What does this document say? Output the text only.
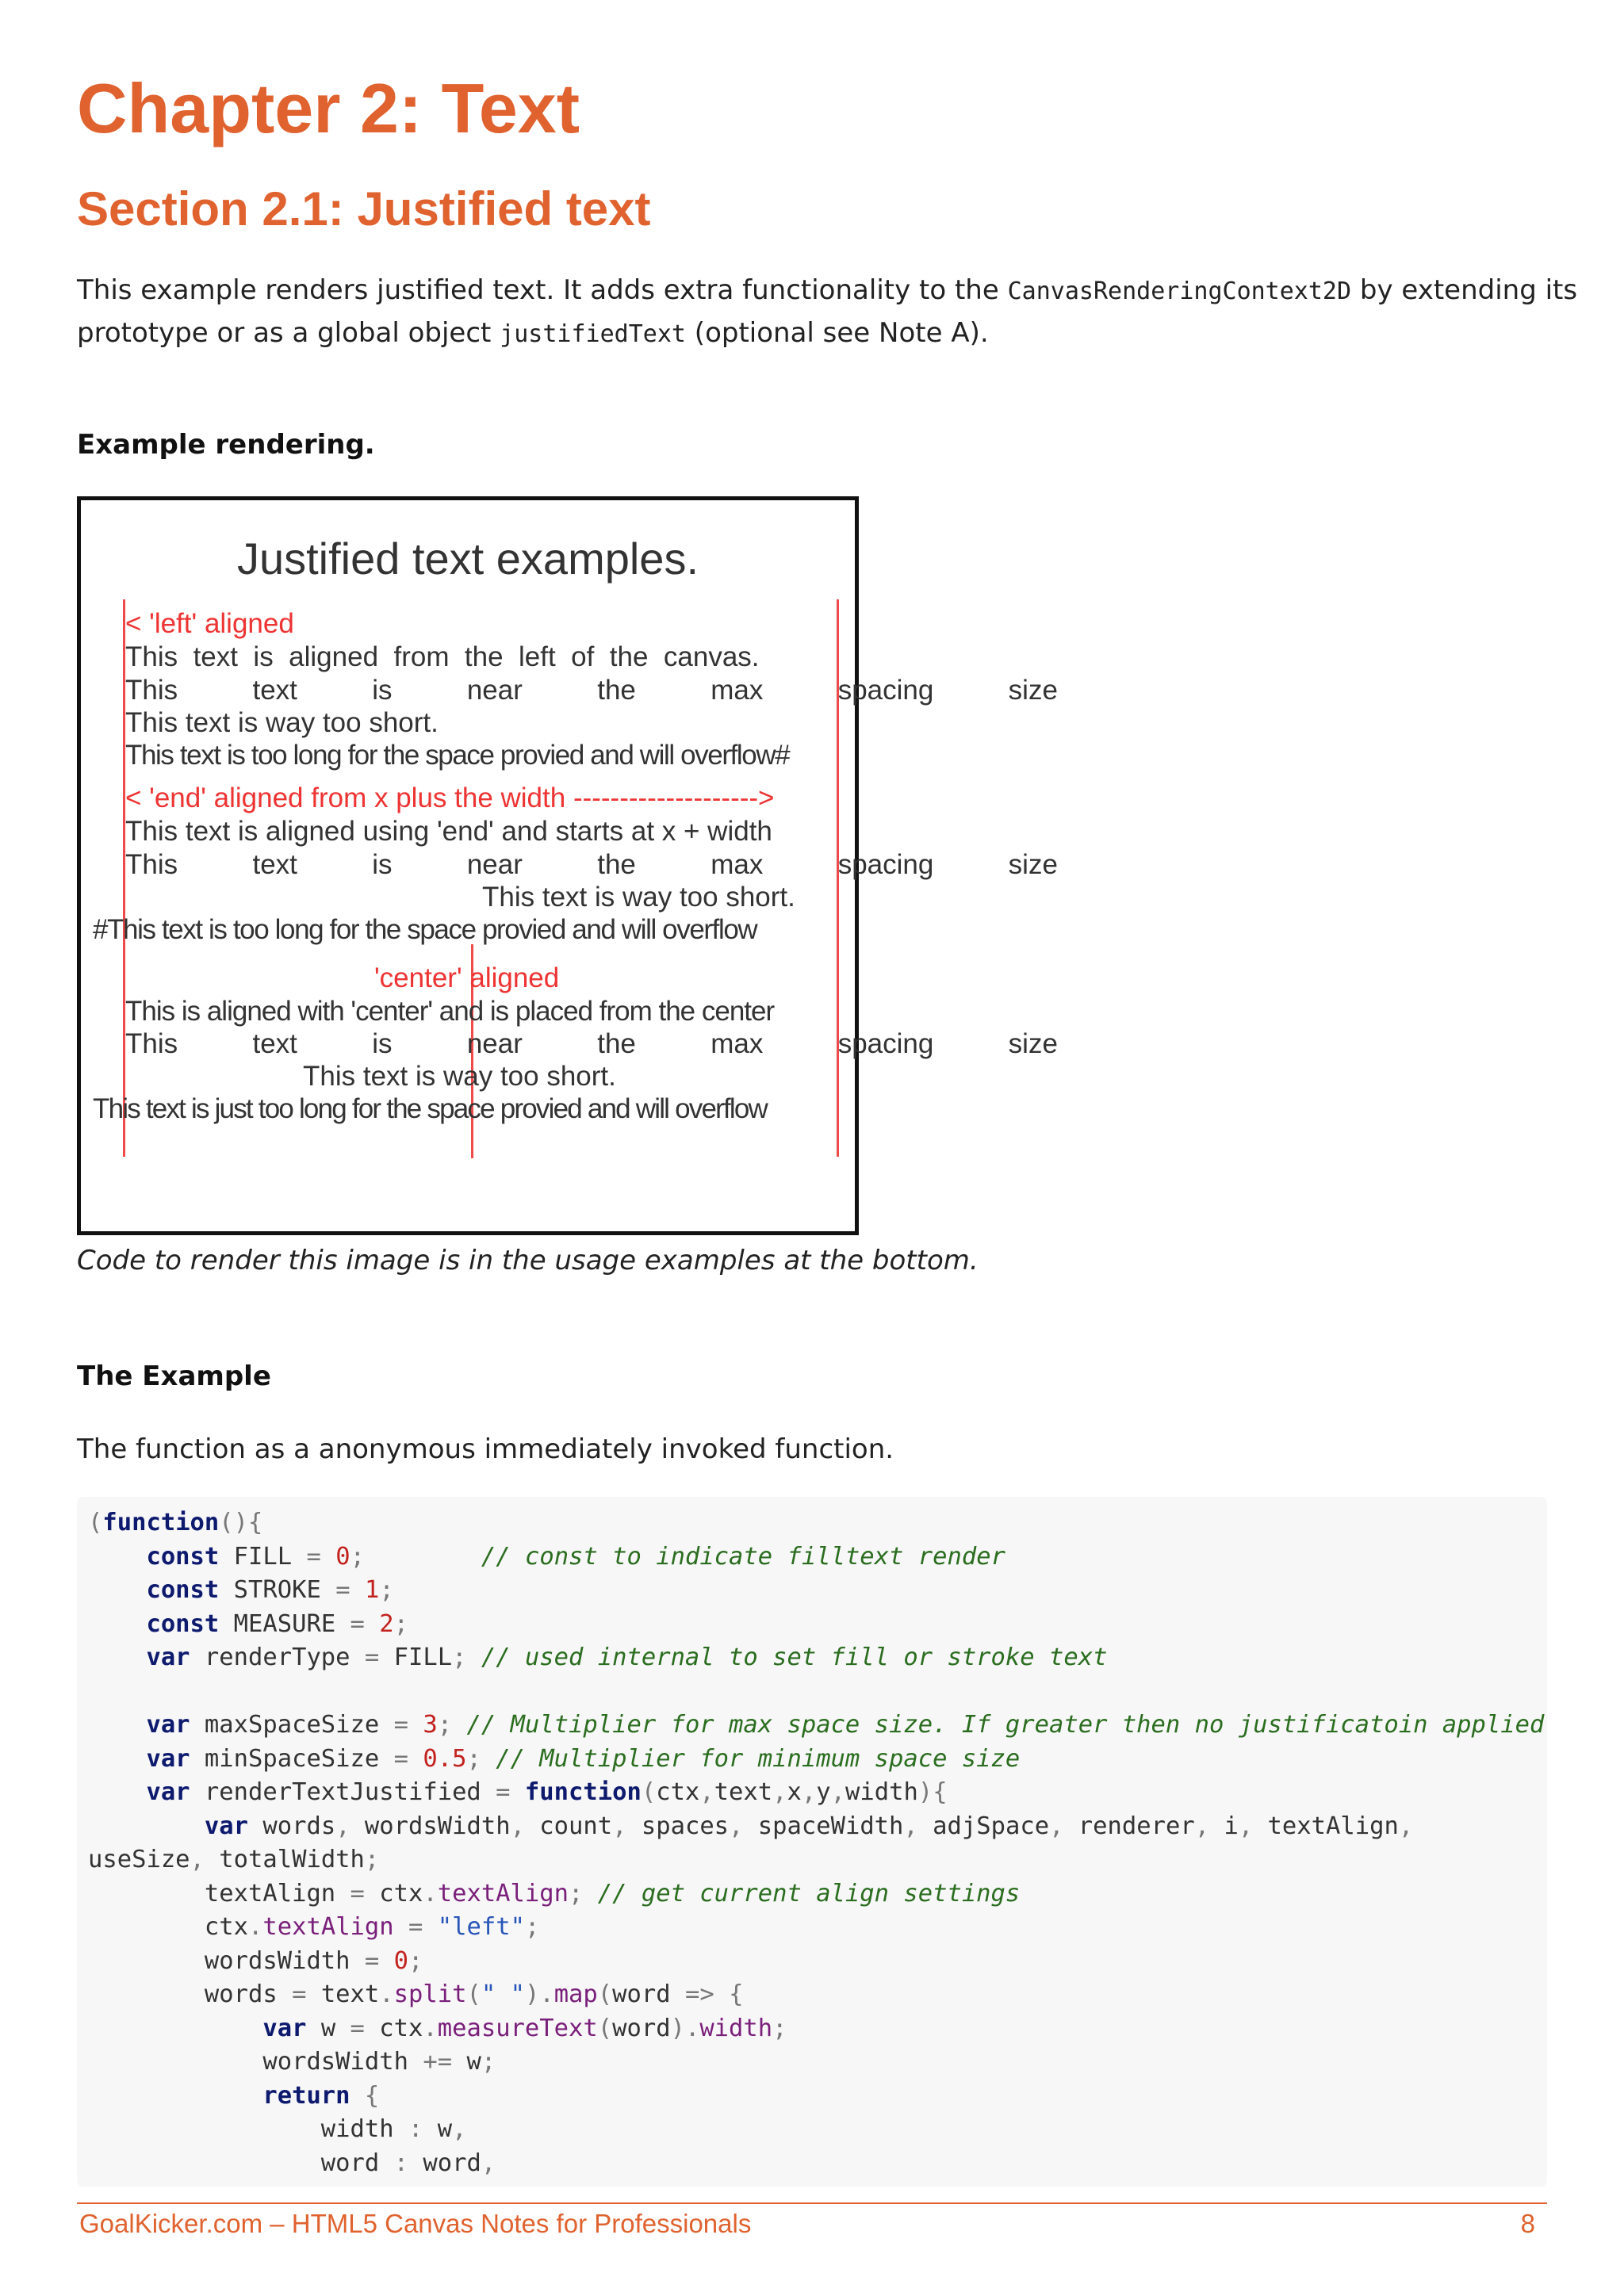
Chapter 2: Text
Section 2.1: Justified text
This example renders justified text. It adds extra functionality to the CanvasRenderingContext2D by extending its
prototype or as a global object justifiedText (optional see Note A).
Example rendering.
Justified text examples.
< 'left' aligned
This  text  is  aligned  from  the  left  of  the  canvas.
This      text      is      near      the      max      spacing      size
This text is way too short.
This text is too long for the space provied and will overflow#
< 'end' aligned from x plus the width -------------------->
This text is aligned using 'end' and starts at x + width
This      text      is      near      the      max      spacing      size
This text is way too short.
#This text is too long for the space provied and will overflow
'center' aligned
This is aligned with 'center' and is placed from the center
This      text      is      near      the      max      spacing      size
This text is way too short.
This text is just too long for the space provied and will overflow
Code to render this image is in the usage examples at the bottom.
The Example
The function as a anonymous immediately invoked function.
(function(){
const FILL = 0;	// const to indicate filltext render
const STROKE = 1;
const MEASURE = 2;
var renderType = FILL; // used internal to set fill or stroke text

var maxSpaceSize = 3; // Multiplier for max space size. If greater then no justificatoin applied
var minSpaceSize = 0.5; // Multiplier for minimum space size
var renderTextJustified = function(ctx,text,x,y,width){
var words, wordsWidth, count, spaces, spaceWidth, adjSpace, renderer, i, textAlign,
useSize, totalWidth;
textAlign = ctx.textAlign; // get current align settings
ctx.textAlign = "left";
wordsWidth = 0;
words = text.split(" ").map(word => {
var w = ctx.measureText(word).width;
wordsWidth += w;
return {
width : w,
word : word,
GoalKicker.com – HTML5 Canvas Notes for Professionals	8
